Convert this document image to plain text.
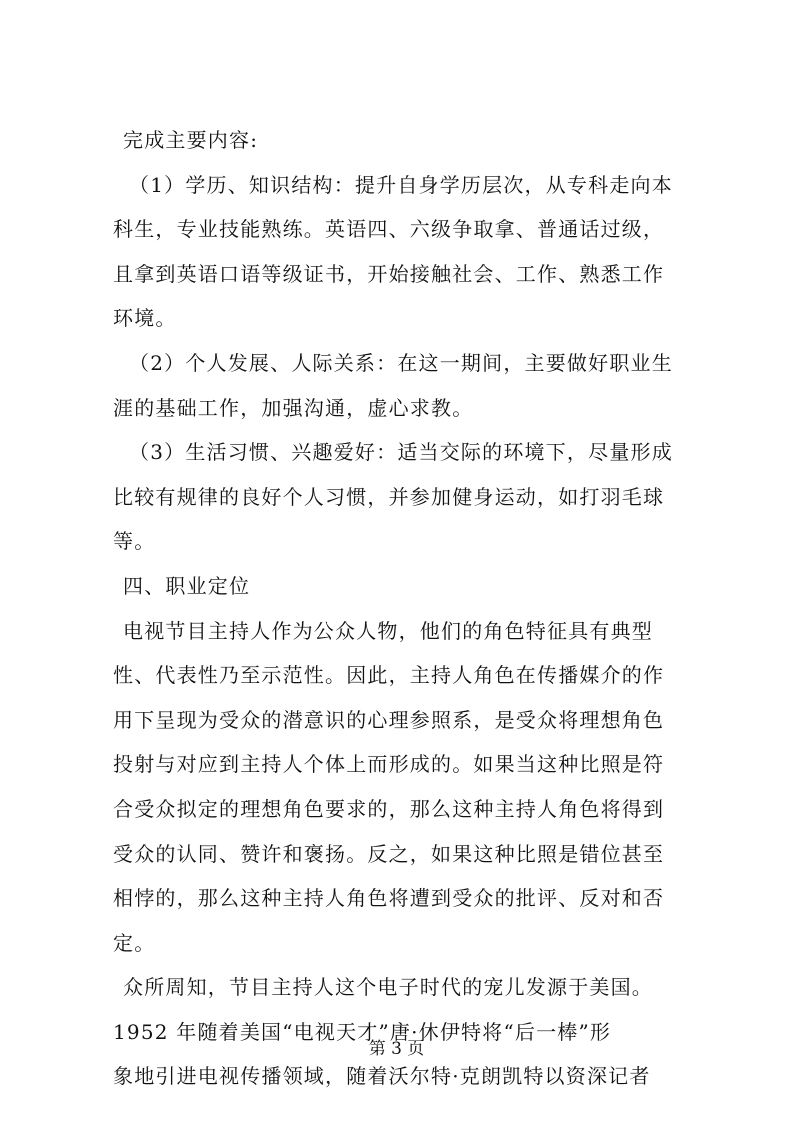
完成主要内容:
（1）学历、知识结构：提升自身学历层次，从专科走向本
科生，专业技能熟练。英语四、六级争取拿、普通话过级，
且拿到英语口语等级证书，开始接触社会、工作、熟悉工作
环境。
（2）个人发展、人际关系：在这一期间，主要做好职业生
涯的基础工作，加强沟通，虚心求教。
（3）生活习惯、兴趣爱好：适当交际的环境下，尽量形成
比较有规律的良好个人习惯，并参加健身运动，如打羽毛球
等。
四、职业定位
电视节目主持人作为公众人物，他们的角色特征具有典型
性、代表性乃至示范性。因此，主持人角色在传播媒介的作
用下呈现为受众的潜意识的心理参照系，是受众将理想角色
投射与对应到主持人个体上而形成的。如果当这种比照是符
合受众拟定的理想角色要求的，那么这种主持人角色将得到
受众的认同、赞许和褒扬。反之，如果这种比照是错位甚至
相悖的，那么这种主持人角色将遭到受众的批评、反对和否
定。
众所周知，节目主持人这个电子时代的宠儿发源于美国。
1952 年随着美国“电视天才”唐·休伊特将“后一棒”形
象地引进电视传播领域，随着沃尔特·克朗凯特以资深记者
第 3 页
